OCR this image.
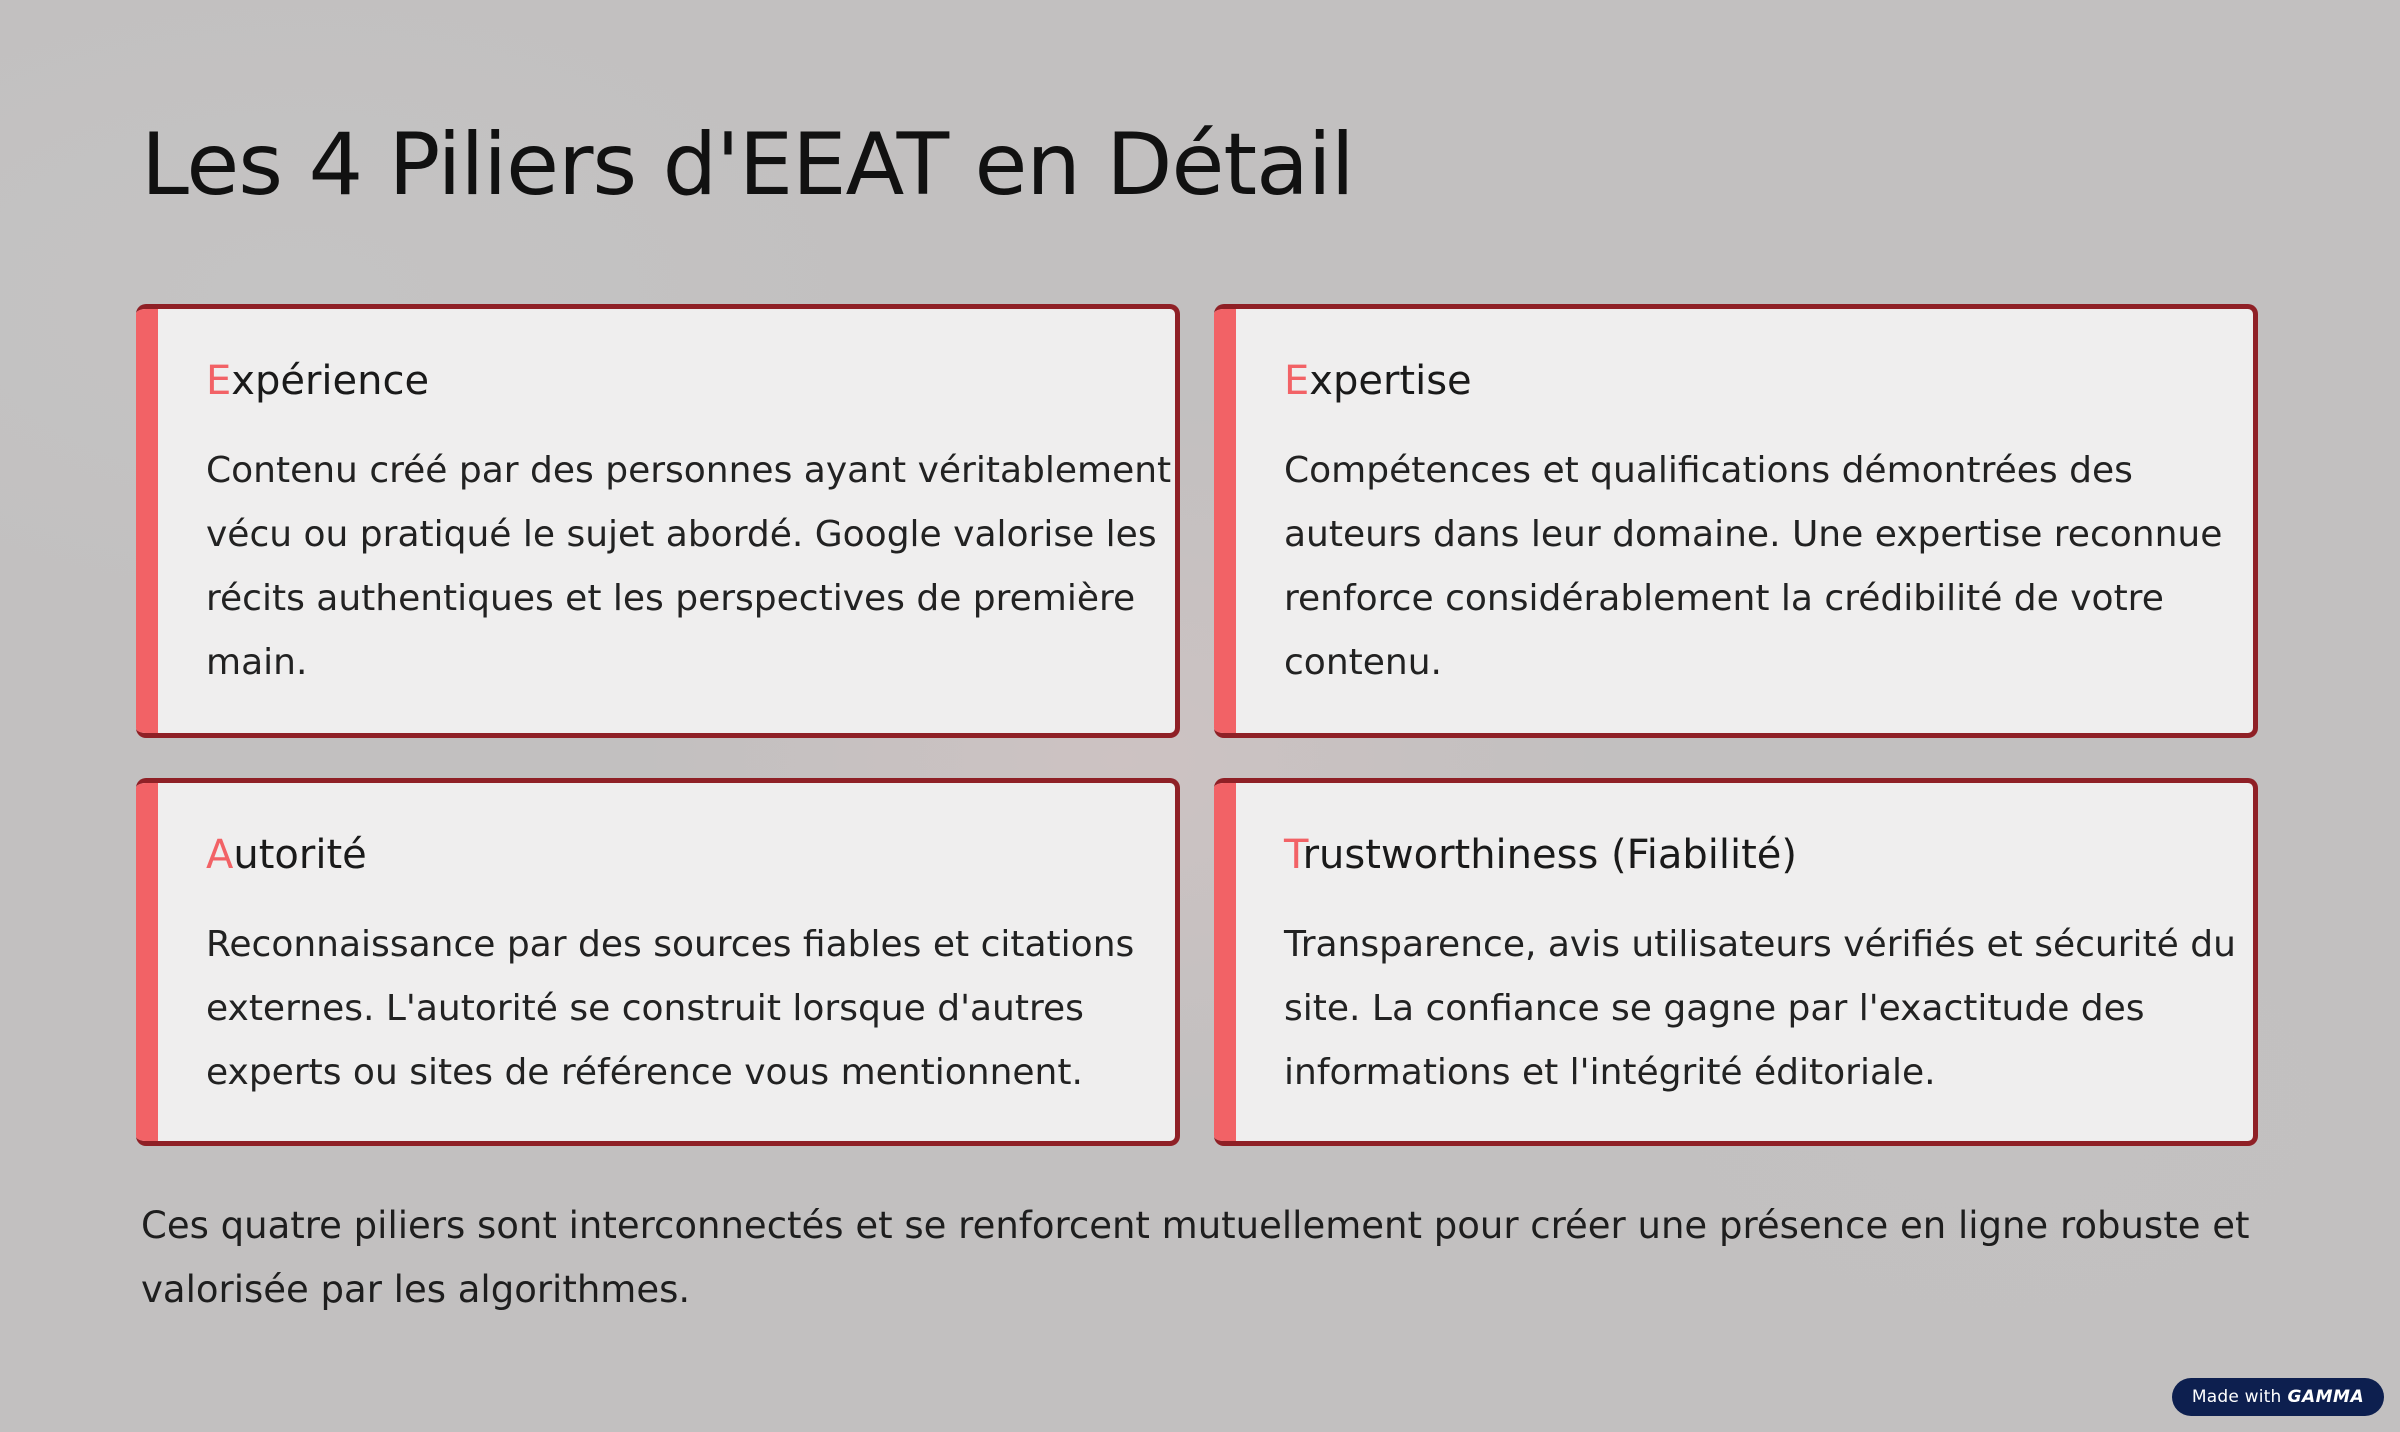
Les 4 Piliers d'EEAT en Détail
Expérience

Contenu créé par des personnes ayant véritablement
vécu ou pratiqué le sujet abordé. Google valorise les
récits authentiques et les perspectives de première
main.

Expertise

Compétences et qualifications démontrées des
auteurs dans leur domaine. Une expertise reconnue
renforce considérablement la crédibilité de votre
contenu.

Autorité

Reconnaissance par des sources fiables et citations
externes. L'autorité se construit lorsque d'autres
experts ou sites de référence vous mentionnent.

Trustworthiness (Fiabilité)

Transparence, avis utilisateurs vérifiés et sécurité du
site. La confiance se gagne par l'exactitude des
informations et l'intégrité éditoriale.

Ces quatre piliers sont interconnectés et se renforcent mutuellement pour créer une présence en ligne robuste et
valorisée par les algorithmes.

Made with GAMMA
